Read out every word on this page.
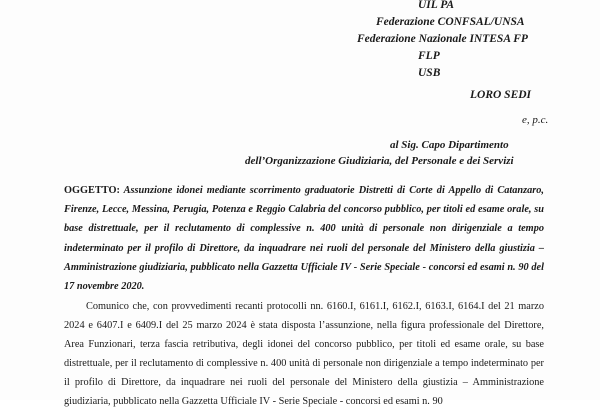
UIL PA
Federazione CONFSAL/UNSA
Federazione Nazionale INTESA FP
FLP
USB
LORO SEDI
e, p.c.
al Sig. Capo Dipartimento
dell’Organizzazione Giudiziaria, del Personale e dei Servizi
OGGETTO: Assunzione idonei mediante scorrimento graduatorie Distretti di Corte di Appello di Catanzaro, Firenze, Lecce, Messina, Perugia, Potenza e Reggio Calabria del concorso pubblico, per titoli ed esame orale, su base distrettuale, per il reclutamento di complessive n. 400 unità di personale non dirigenziale a tempo indeterminato per il profilo di Direttore, da inquadrare nei ruoli del personale del Ministero della giustizia – Amministrazione giudiziaria, pubblicato nella Gazzetta Ufficiale IV - Serie Speciale - concorsi ed esami n. 90 del 17 novembre 2020.
Comunico che, con provvedimenti recanti protocolli nn. 6160.I, 6161.I, 6162.I, 6163.I, 6164.I del 21 marzo 2024 e 6407.I e 6409.I del 25 marzo 2024 è stata disposta l’assunzione, nella figura professionale del Direttore, Area Funzionari, terza fascia retributiva, degli idonei del concorso pubblico, per titoli ed esame orale, su base distrettuale, per il reclutamento di complessive n. 400 unità di personale non dirigenziale a tempo indeterminato per il profilo di Direttore, da inquadrare nei ruoli del personale del Ministero della giustizia – Amministrazione giudiziaria, pubblicato nella Gazzetta Ufficiale IV - Serie Speciale - concorsi ed esami n. 90
